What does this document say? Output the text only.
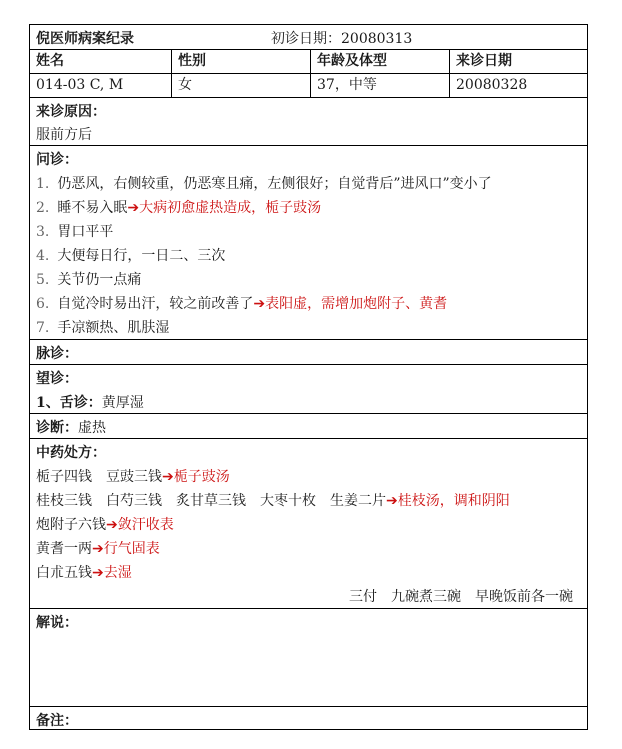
倪医师病案纪录	初诊日期：20080313
姓名	性别	年龄及体型	来诊日期
014-03 C, M	女	37，中等	20080328
来诊原因：
服前方后
问诊：
1. 仍恶风，右侧较重，仍恶寒且痛，左侧很好；自觉背后”进风口”变小了
2. 睡不易入眠➔大病初愈虚热造成，栀子豉汤
3. 胃口平平
4. 大便每日行，一日二、三次
5. 关节仍一点痛
6. 自觉冷时易出汗，较之前改善了➔表阳虚，需增加炮附子、黄耆
7. 手凉额热、肌肤湿
脉诊：
望诊：
1、舌诊：黄厚湿
诊断：虚热
中药处方：
栀子四钱　豆豉三钱➔栀子豉汤
桂枝三钱　白芍三钱　炙甘草三钱　大枣十枚　生姜二片➔桂枝汤，调和阴阳
炮附子六钱➔敛汗收表
黄耆一两➔行气固表
白朮五钱➔去湿
三付　九碗煮三碗　早晚饭前各一碗
解说：
备注：
